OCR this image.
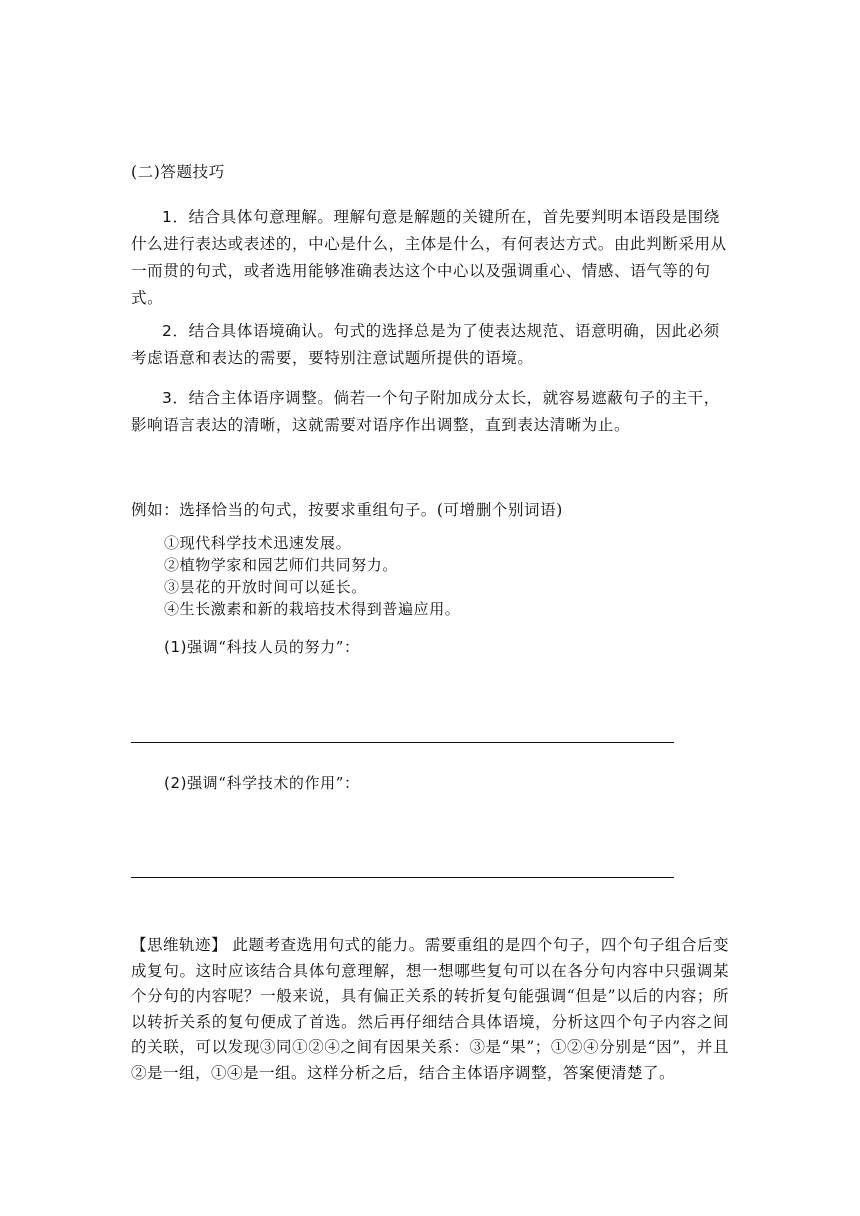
(二)答题技巧
1．结合具体句意理解。理解句意是解题的关键所在，首先要判明本语段是围绕什么进行表达或表述的，中心是什么，主体是什么，有何表达方式。由此判断采用从一而贯的句式，或者选用能够准确表达这个中心以及强调重心、情感、语气等的句式。
2．结合具体语境确认。句式的选择总是为了使表达规范、语意明确，因此必须考虑语意和表达的需要，要特别注意试题所提供的语境。
3．结合主体语序调整。倘若一个句子附加成分太长，就容易遮蔽句子的主干，影响语言表达的清晰，这就需要对语序作出调整，直到表达清晰为止。
例如：选择恰当的句式，按要求重组句子。(可增删个别词语)
①现代科学技术迅速发展。
②植物学家和园艺师们共同努力。
③昙花的开放时间可以延长。
④生长激素和新的栽培技术得到普遍应用。
(1)强调“科技人员的努力”：
(2)强调“科学技术的作用”：
【思维轨迹】 此题考查选用句式的能力。需要重组的是四个句子，四个句子组合后变成复句。这时应该结合具体句意理解，想一想哪些复句可以在各分句内容中只强调某个分句的内容呢？一般来说，具有偏正关系的转折复句能强调“但是”以后的内容；所以转折关系的复句便成了首选。然后再仔细结合具体语境，分析这四个句子内容之间的关联，可以发现③同①②④之间有因果关系：③是“果”；①②④分别是“因”，并且②是一组，①④是一组。这样分析之后，结合主体语序调整，答案便清楚了。
